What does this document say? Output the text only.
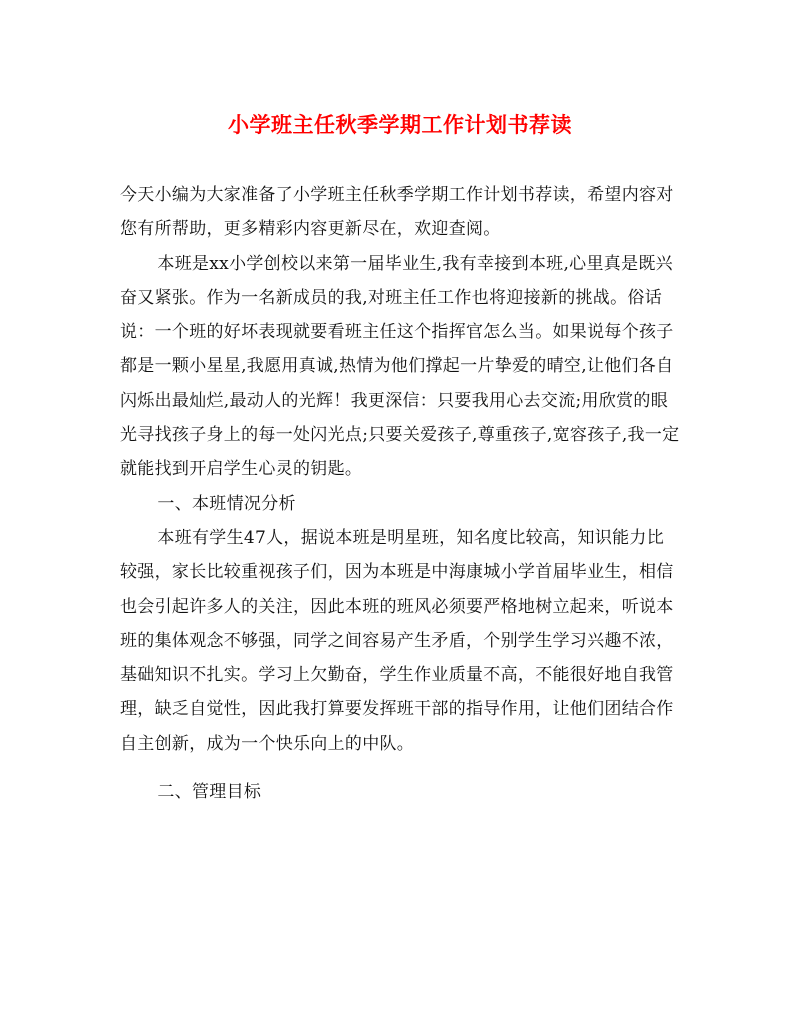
小学班主任秋季学期工作计划书荐读

今天小编为大家准备了小学班主任秋季学期工作计划书荐读，希望内容对您有所帮助，更多精彩内容更新尽在，欢迎查阅。

本班是xx小学创校以来第一届毕业生,我有幸接到本班,心里真是既兴奋又紧张。作为一名新成员的我,对班主任工作也将迎接新的挑战。俗话说：一个班的好坏表现就要看班主任这个指挥官怎么当。如果说每个孩子都是一颗小星星,我愿用真诚,热情为他们撑起一片挚爱的晴空,让他们各自闪烁出最灿烂,最动人的光辉！我更深信：只要我用心去交流;用欣赏的眼光寻找孩子身上的每一处闪光点;只要关爱孩子,尊重孩子,宽容孩子,我一定就能找到开启学生心灵的钥匙。

一、本班情况分析

本班有学生47人，据说本班是明星班，知名度比较高，知识能力比较强，家长比较重视孩子们，因为本班是中海康城小学首届毕业生，相信也会引起许多人的关注，因此本班的班风必须要严格地树立起来，听说本班的集体观念不够强，同学之间容易产生矛盾，个别学生学习兴趣不浓，基础知识不扎实。学习上欠勤奋，学生作业质量不高，不能很好地自我管理，缺乏自觉性，因此我打算要发挥班干部的指导作用，让他们团结合作自主创新，成为一个快乐向上的中队。

二、管理目标
